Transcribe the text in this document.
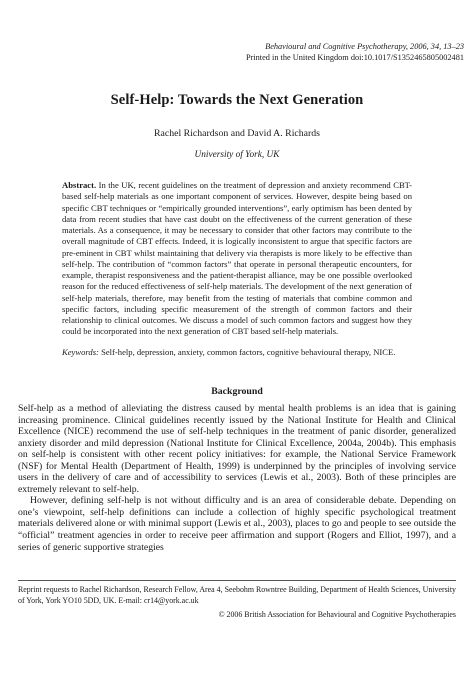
Behavioural and Cognitive Psychotherapy, 2006, 34, 13–23
Printed in the United Kingdom doi:10.1017/S1352465805002481
Self-Help: Towards the Next Generation
Rachel Richardson and David A. Richards
University of York, UK
Abstract. In the UK, recent guidelines on the treatment of depression and anxiety recommend CBT-based self-help materials as one important component of services. However, despite being based on specific CBT techniques or “empirically grounded interventions”, early optimism has been dented by data from recent studies that have cast doubt on the effectiveness of the current generation of these materials. As a consequence, it may be necessary to consider that other factors may contribute to the overall magnitude of CBT effects. Indeed, it is logically inconsistent to argue that specific factors are pre-eminent in CBT whilst maintaining that delivery via therapists is more likely to be effective than self-help. The contribution of “common factors” that operate in personal therapeutic encounters, for example, therapist responsiveness and the patient-therapist alliance, may be one possible overlooked reason for the reduced effectiveness of self-help materials. The development of the next generation of self-help materials, therefore, may benefit from the testing of materials that combine common and specific factors, including specific measurement of the strength of common factors and their relationship to clinical outcomes. We discuss a model of such common factors and suggest how they could be incorporated into the next generation of CBT based self-help materials.
Keywords: Self-help, depression, anxiety, common factors, cognitive behavioural therapy, NICE.
Background

Self-help as a method of alleviating the distress caused by mental health problems is an idea that is gaining increasing prominence. Clinical guidelines recently issued by the National Institute for Health and Clinical Excellence (NICE) recommend the use of self-help techniques in the treatment of panic disorder, generalized anxiety disorder and mild depression (National Institute for Clinical Excellence, 2004a, 2004b). This emphasis on self-help is consistent with other recent policy initiatives: for example, the National Service Framework (NSF) for Mental Health (Department of Health, 1999) is underpinned by the principles of involving service users in the delivery of care and of accessibility to services (Lewis et al., 2003). Both of these principles are extremely relevant to self-help.

However, defining self-help is not without difficulty and is an area of considerable debate. Depending on one’s viewpoint, self-help definitions can include a collection of highly specific psychological treatment materials delivered alone or with minimal support (Lewis et al., 2003), places to go and people to see outside the “official” treatment agencies in order to receive peer affirmation and support (Rogers and Elliot, 1997), and a series of generic supportive strategies

Reprint requests to Rachel Richardson, Research Fellow, Area 4, Seebohm Rowntree Building, Department of Health Sciences, University of York, York YO10 5DD, UK. E-mail: cr14@york.ac.uk
© 2006 British Association for Behavioural and Cognitive Psychotherapies
